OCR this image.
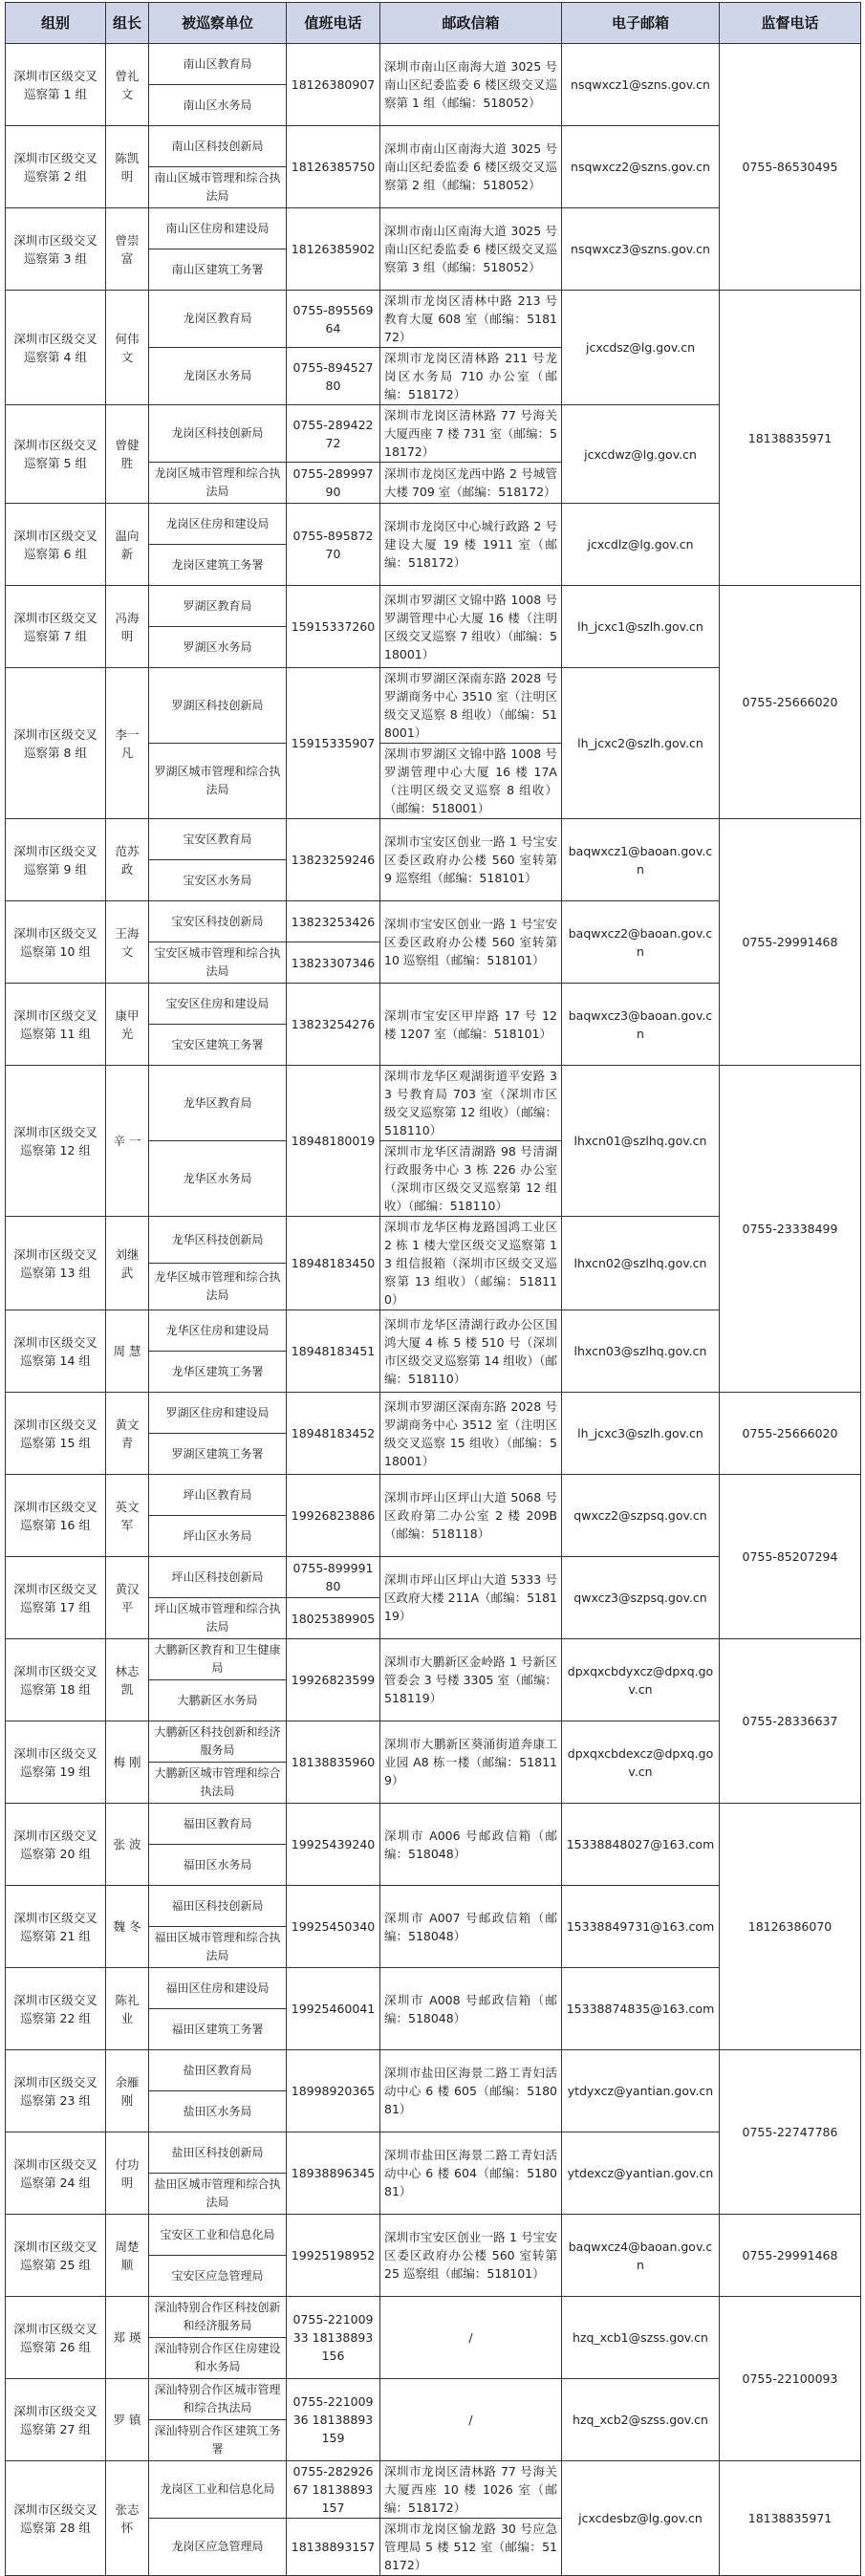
组别	组长	被巡察单位	值班电话	邮政信箱	电子邮箱	监督电话
深圳市区级交叉巡察第 1 组	曾礼文	南山区教育局	18126380907	深圳市南山区南海大道 3025 号南山区纪委监委 6 楼区级交叉巡察第 1 组（邮编：518052）	nsqwxcz1@szns.gov.cn	0755-86530495
		南山区水务局				
深圳市区级交叉巡察第 2 组	陈凯明	南山区科技创新局	18126385750	深圳市南山区南海大道 3025 号南山区纪委监委 6 楼区级交叉巡察第 2 组（邮编：518052）	nsqwxcz2@szns.gov.cn	
		南山区城市管理和综合执法局				
深圳市区级交叉巡察第 3 组	曾崇富	南山区住房和建设局	18126385902	深圳市南山区南海大道 3025 号南山区纪委监委 6 楼区级交叉巡察第 3 组（邮编：518052）	nsqwxcz3@szns.gov.cn	
		南山区建筑工务署				
深圳市区级交叉巡察第 4 组	何伟文	龙岗区教育局	0755-89556964	深圳市龙岗区清林中路 213 号教育大厦 608 室（邮编：518172）	jcxcdsz@lg.gov.cn	18138835971
		龙岗区水务局	0755-89452780	深圳市龙岗区清林路 211 号龙岗区水务局 710 办公室（邮编：518172）		
深圳市区级交叉巡察第 5 组	曾健胜	龙岗区科技创新局	0755-28942272	深圳市龙岗区清林路 77 号海关大厦西座 7 楼 731 室（邮编：518172）	jcxcdwz@lg.gov.cn	
		龙岗区城市管理和综合执法局	0755-28999790	深圳市龙岗区龙西中路 2 号城管大楼 709 室（邮编：518172）		
深圳市区级交叉巡察第 6 组	温向新	龙岗区住房和建设局	0755-89587270	深圳市龙岗区中心城行政路 2 号建设大厦 19 楼 1911 室（邮编：518172）	jcxcdlz@lg.gov.cn	
		龙岗区建筑工务署				
深圳市区级交叉巡察第 7 组	冯海明	罗湖区教育局	15915337260	深圳市罗湖区文锦中路 1008 号罗湖管理中心大厦 16 楼（注明区级交叉巡察 7 组收）（邮编：518001）	lh_jcxc1@szlh.gov.cn	0755-25666020
		罗湖区水务局				
深圳市区级交叉巡察第 8 组	李一凡	罗湖区科技创新局	15915335907	深圳市罗湖区深南东路 2028 号罗湖商务中心 3510 室（注明区级交叉巡察 8 组收）（邮编：518001）	lh_jcxc2@szlh.gov.cn	
		罗湖区城市管理和综合执法局		深圳市罗湖区文锦中路 1008 号罗湖管理中心大厦 16 楼 17A（注明区级交叉巡察 8 组收）（邮编：518001）		
深圳市区级交叉巡察第 9 组	范苏政	宝安区教育局	13823259246	深圳市宝安区创业一路 1 号宝安区委区政府办公楼 560 室转第 9 巡察组（邮编：518101）	baqwxcz1@baoan.gov.cn	0755-29991468
		宝安区水务局				
深圳市区级交叉巡察第 10 组	王海文	宝安区科技创新局	13823253426	深圳市宝安区创业一路 1 号宝安区委区政府办公楼 560 室转第 10 巡察组（邮编：518101）	baqwxcz2@baoan.gov.cn	
		宝安区城市管理和综合执法局	13823307346			
深圳市区级交叉巡察第 11 组	康甲光	宝安区住房和建设局	13823254276	深圳市宝安区甲岸路 17 号 12 楼 1207 室（邮编：518101）	baqwxcz3@baoan.gov.cn	
		宝安区建筑工务署				
深圳市区级交叉巡察第 12 组	辛 一	龙华区教育局	18948180019	深圳市龙华区观湖街道平安路 33 号教育局 703 室（深圳市区级交叉巡察第 12 组收）（邮编：518110）	lhxcn01@szlhq.gov.cn	0755-23338499
		龙华区水务局		深圳市龙华区清湖路 98 号清湖行政服务中心 3 栋 226 办公室（深圳市区级交叉巡察第 12 组收）（邮编：518110）		
深圳市区级交叉巡察第 13 组	刘继武	龙华区科技创新局	18948183450	深圳市龙华区梅龙路国鸿工业区 2 栋 1 楼大堂区级交叉巡察第 13 组信报箱（深圳市区级交叉巡察第 13 组收）（邮编：518110）	lhxcn02@szlhq.gov.cn	
		龙华区城市管理和综合执法局				
深圳市区级交叉巡察第 14 组	周 慧	龙华区住房和建设局	18948183451	深圳市龙华区清湖行政办公区国鸿大厦 4 栋 5 楼 510 号（深圳市区级交叉巡察第 14 组收）（邮编：518110）	lhxcn03@szlhq.gov.cn	
		龙华区建筑工务署				
深圳市区级交叉巡察第 15 组	黄文青	罗湖区住房和建设局	18948183452	深圳市罗湖区深南东路 2028 号罗湖商务中心 3512 室（注明区级交叉巡察 15 组收）（邮编：518001）	lh_jcxc3@szlh.gov.cn	0755-25666020
		罗湖区建筑工务署				
深圳市区级交叉巡察第 16 组	英文军	坪山区教育局	19926823886	深圳市坪山区坪山大道 5068 号区政府第二办公室 2 楼 209B（邮编：518118）	qwxcz2@szpsq.gov.cn	0755-85207294
		坪山区水务局				
深圳市区级交叉巡察第 17 组	黄汉平	坪山区科技创新局	0755-89999180	深圳市坪山区坪山大道 5333 号区政府大楼 211A（邮编：518119）	qwxcz3@szpsq.gov.cn	
		坪山区城市管理和综合执法局	18025389905			
深圳市区级交叉巡察第 18 组	林志凯	大鹏新区教育和卫生健康局	19926823599	深圳市大鹏新区金岭路 1 号新区管委会 3 号楼 3305 室（邮编：518119）	dpxqxcbdyxcz@dpxq.gov.cn	0755-28336637
		大鹏新区水务局				
深圳市区级交叉巡察第 19 组	梅 刚	大鹏新区科技创新和经济服务局	18138835960	深圳市大鹏新区葵涌街道奔康工业园 A8 栋一楼（邮编：518119）	dpxqxcbdexcz@dpxq.gov.cn	
		大鹏新区城市管理和综合执法局				
深圳市区级交叉巡察第 20 组	张 波	福田区教育局	19925439240	深圳市 A006 号邮政信箱（邮编：518048）	15338848027@163.com	18126386070
		福田区水务局				
深圳市区级交叉巡察第 21 组	魏 冬	福田区科技创新局	19925450340	深圳市 A007 号邮政信箱（邮编：518048）	15338849731@163.com	
		福田区城市管理和综合执法局				
深圳市区级交叉巡察第 22 组	陈礼业	福田区住房和建设局	19925460041	深圳市 A008 号邮政信箱（邮编：518048）	15338874835@163.com	
		福田区建筑工务署				
深圳市区级交叉巡察第 23 组	余雁刚	盐田区教育局	18998920365	深圳市盐田区海景二路工青妇活动中心 6 楼 605（邮编：518081）	ytdyxcz@yantian.gov.cn	0755-22747786
		盐田区水务局				
深圳市区级交叉巡察第 24 组	付功明	盐田区科技创新局	18938896345	深圳市盐田区海景二路工青妇活动中心 6 楼 604（邮编：518081）	ytdexcz@yantian.gov.cn	
		盐田区城市管理和综合执法局				
深圳市区级交叉巡察第 25 组	周楚顺	宝安区工业和信息化局	19925198952	深圳市宝安区创业一路 1 号宝安区委区政府办公楼 560 室转第 25 巡察组（邮编：518101）	baqwxcz4@baoan.gov.cn	0755-29991468
		宝安区应急管理局				
深圳市区级交叉巡察第 26 组	郑 瑛	深汕特别合作区科技创新和经济服务局	0755-22100933 18138893156	/	hzq_xcb1@szss.gov.cn	0755-22100093
		深汕特别合作区住房建设和水务局				
深圳市区级交叉巡察第 27 组	罗 镇	深汕特别合作区城市管理和综合执法局	0755-22100936 18138893159	/	hzq_xcb2@szss.gov.cn	
		深汕特别合作区建筑工务署				
深圳市区级交叉巡察第 28 组	张志怀	龙岗区工业和信息化局	0755-28292667 18138893157	深圳市龙岗区清林路 77 号海关大厦西座 10 楼 1026 室（邮编：518172）	jcxcdesbz@lg.gov.cn	18138835971
		龙岗区应急管理局	18138893157	深圳市龙岗区愉龙路 30 号应急管理局 5 楼 512 室（邮编：518172）		
